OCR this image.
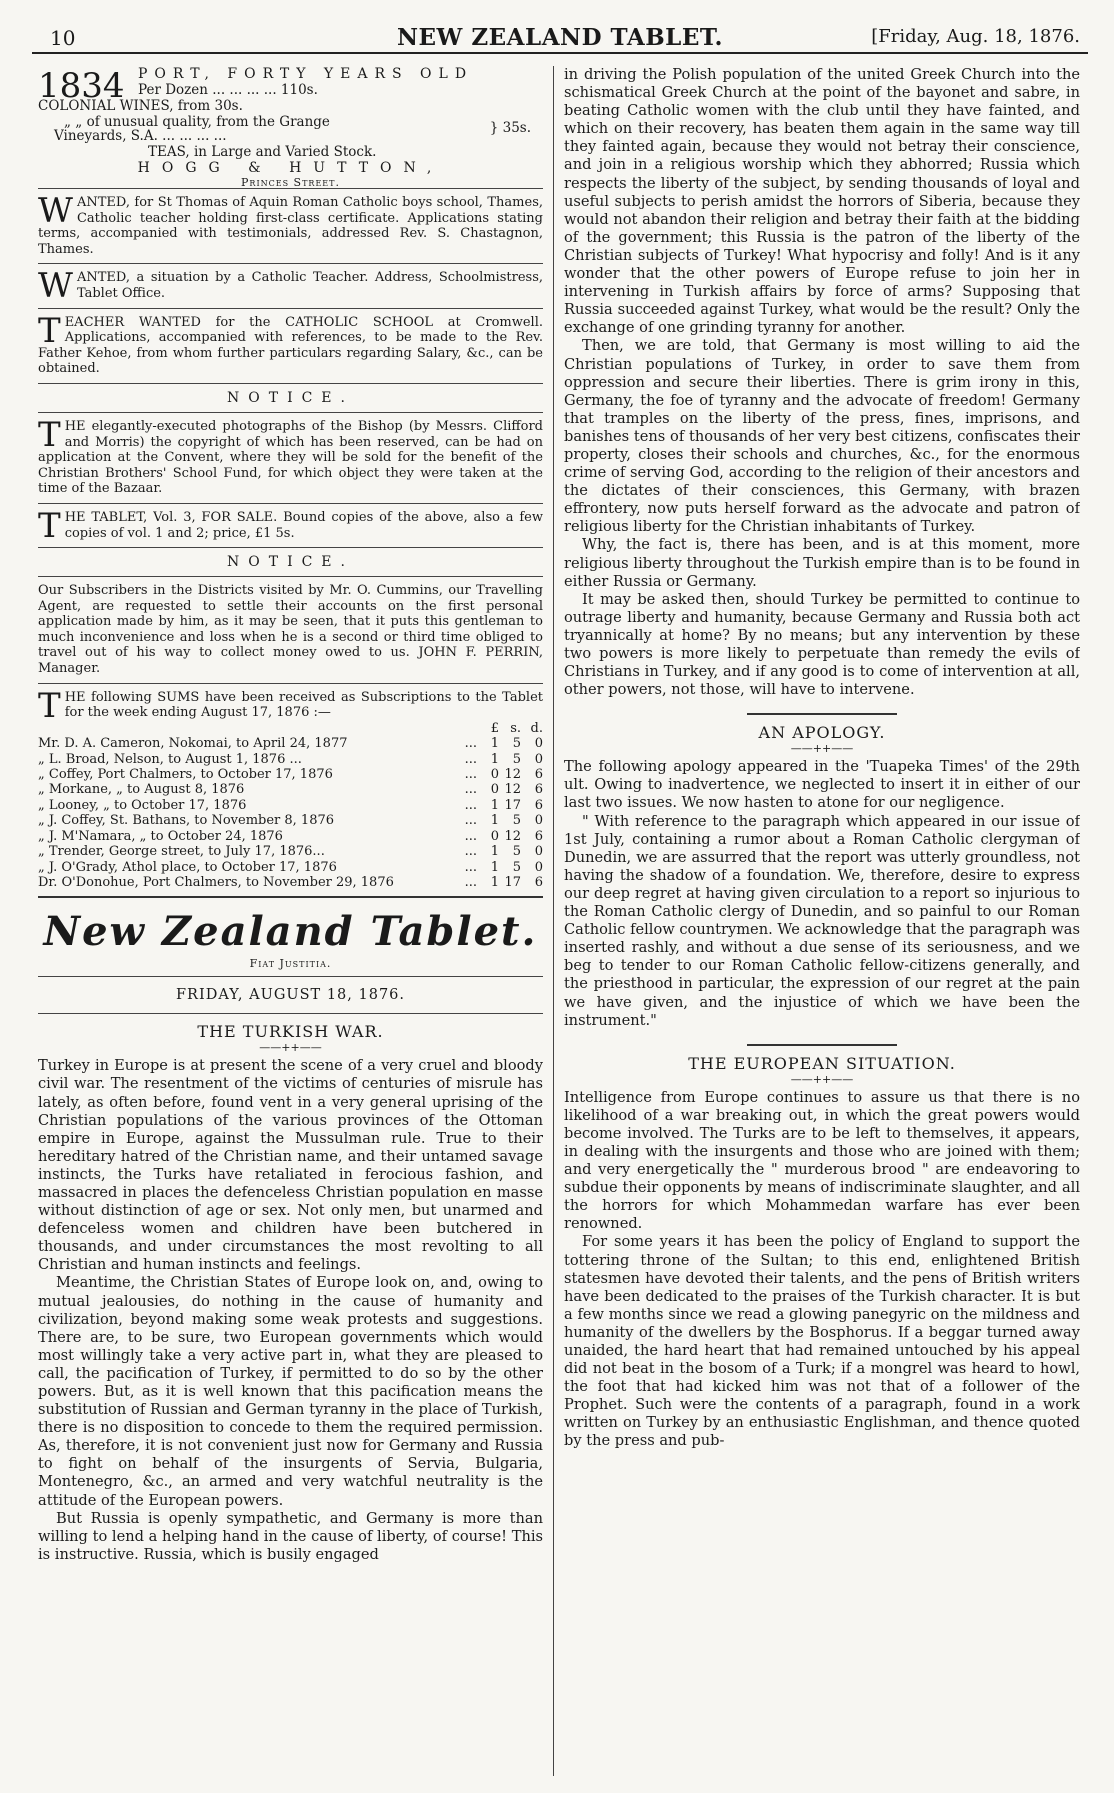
10	NEW ZEALAND TABLET.	[Friday, Aug. 18, 1876.
1834 PORT, FORTY YEARS OLD
Per Dozen ... ... ... ... 110s.
COLONIAL WINES, from 30s.
„ „ of unusual quality, from the Grange
Vineyards, S.A. ... ... ... ...	} 35s.
TEAS, in Large and Varied Stock.
HOGG & HUTTON,
Princes Street.
WANTED, for St Thomas of Aquin Roman Catholic boys school, Thames, Catholic teacher holding first-class certificate. Applications stating terms, accompanied with testimonials, addressed Rev. S. Chastagnon, Thames.
WANTED, a situation by a Catholic Teacher. Address, Schoolmistress, Tablet Office.
TEACHER WANTED for the CATHOLIC SCHOOL at Cromwell. Applications, accompanied with references, to be made to the Rev. Father Kehoe, from whom further particulars regarding Salary, &c., can be obtained.
NOTICE.
THE elegantly-executed photographs of the Bishop (by Messrs. Clifford and Morris) the copyright of which has been reserved, can be had on application at the Convent, where they will be sold for the benefit of the Christian Brothers' School Fund, for which object they were taken at the time of the Bazaar.
THE TABLET, Vol. 3, FOR SALE. Bound copies of the above, also a few copies of vol. 1 and 2; price, £1 5s.
NOTICE.
Our Subscribers in the Districts visited by Mr. O. Cummins, our Travelling Agent, are requested to settle their accounts on the first personal application made by him, as it may be seen, that it puts this gentleman to much inconvenience and loss when he is a second or third time obliged to travel out of his way to collect money owed to us. JOHN F. PERRIN, Manager.
THE following SUMS have been received as Subscriptions to the Tablet for the week ending August 17, 1876 :—
		£	s.	d.
Mr. D. A. Cameron, Nokomai, to April 24, 1877	...	1	5	0
„ L. Broad, Nelson, to August 1, 1876 ...	...	1	5	0
„ Coffey, Port Chalmers, to October 17, 1876	...	0	12	6
„ Morkane, „ to August 8, 1876	...	0	12	6
„ Looney, „ to October 17, 1876	...	1	17	6
„ J. Coffey, St. Bathans, to November 8, 1876	...	1	5	0
„ J. M'Namara, „ to October 24, 1876	...	0	12	6
„ Trender, George street, to July 17, 1876...	...	1	5	0
„ J. O'Grady, Athol place, to October 17, 1876	...	1	5	0
Dr. O'Donohue, Port Chalmers, to November 29, 1876	...	1	17	6
New Zealand Tablet.
Fiat Justitia.
FRIDAY, AUGUST 18, 1876.
THE TURKISH WAR.
——++——

Turkey in Europe is at present the scene of a very cruel and bloody civil war. The resentment of the victims of centuries of misrule has lately, as often before, found vent in a very general uprising of the Christian populations of the various provinces of the Ottoman empire in Europe, against the Mussulman rule. True to their hereditary hatred of the Christian name, and their untamed savage instincts, the Turks have retaliated in ferocious fashion, and massacred in places the defenceless Christian population en masse without distinction of age or sex. Not only men, but unarmed and defenceless women and children have been butchered in thousands, and under circumstances the most revolting to all Christian and human instincts and feelings.

Meantime, the Christian States of Europe look on, and, owing to mutual jealousies, do nothing in the cause of humanity and civilization, beyond making some weak protests and suggestions. There are, to be sure, two European governments which would most willingly take a very active part in, what they are pleased to call, the pacification of Turkey, if permitted to do so by the other powers. But, as it is well known that this pacification means the substitution of Russian and German tyranny in the place of Turkish, there is no disposition to concede to them the required permission. As, therefore, it is not convenient just now for Germany and Russia to fight on behalf of the insurgents of Servia, Bulgaria, Montenegro, &c., an armed and very watchful neutrality is the attitude of the European powers.

But Russia is openly sympathetic, and Germany is more than willing to lend a helping hand in the cause of liberty, of course! This is instructive. Russia, which is busily engaged

in driving the Polish population of the united Greek Church into the schismatical Greek Church at the point of the bayonet and sabre, in beating Catholic women with the club until they have fainted, and which on their recovery, has beaten them again in the same way till they fainted again, because they would not betray their conscience, and join in a religious worship which they abhorred; Russia which respects the liberty of the subject, by sending thousands of loyal and useful subjects to perish amidst the horrors of Siberia, because they would not abandon their religion and betray their faith at the bidding of the government; this Russia is the patron of the liberty of the Christian subjects of Turkey! What hypocrisy and folly! And is it any wonder that the other powers of Europe refuse to join her in intervening in Turkish affairs by force of arms? Supposing that Russia succeeded against Turkey, what would be the result? Only the exchange of one grinding tyranny for another.

Then, we are told, that Germany is most willing to aid the Christian populations of Turkey, in order to save them from oppression and secure their liberties. There is grim irony in this, Germany, the foe of tyranny and the advocate of freedom! Germany that tramples on the liberty of the press, fines, imprisons, and banishes tens of thousands of her very best citizens, confiscates their property, closes their schools and churches, &c., for the enormous crime of serving God, according to the religion of their ancestors and the dictates of their consciences, this Germany, with brazen effrontery, now puts herself forward as the advocate and patron of religious liberty for the Christian inhabitants of Turkey.

Why, the fact is, there has been, and is at this moment, more religious liberty throughout the Turkish empire than is to be found in either Russia or Germany.

It may be asked then, should Turkey be permitted to continue to outrage liberty and humanity, because Germany and Russia both act tryannically at home? By no means; but any intervention by these two powers is more likely to perpetuate than remedy the evils of Christians in Turkey, and if any good is to come of intervention at all, other powers, not those, will have to intervene.

AN APOLOGY.
——++——

The following apology appeared in the 'Tuapeka Times' of the 29th ult. Owing to inadvertence, we neglected to insert it in either of our last two issues. We now hasten to atone for our negligence.

" With reference to the paragraph which appeared in our issue of 1st July, containing a rumor about a Roman Catholic clergyman of Dunedin, we are assurred that the report was utterly groundless, not having the shadow of a foundation. We, therefore, desire to express our deep regret at having given circulation to a report so injurious to the Roman Catholic clergy of Dunedin, and so painful to our Roman Catholic fellow countrymen. We acknowledge that the paragraph was inserted rashly, and without a due sense of its seriousness, and we beg to tender to our Roman Catholic fellow-citizens generally, and the priesthood in particular, the expression of our regret at the pain we have given, and the injustice of which we have been the instrument."

THE EUROPEAN SITUATION.
——++——

Intelligence from Europe continues to assure us that there is no likelihood of a war breaking out, in which the great powers would become involved. The Turks are to be left to themselves, it appears, in dealing with the insurgents and those who are joined with them; and very energetically the " murderous brood " are endeavoring to subdue their opponents by means of indiscriminate slaughter, and all the horrors for which Mohammedan warfare has ever been renowned.

For some years it has been the policy of England to support the tottering throne of the Sultan; to this end, enlightened British statesmen have devoted their talents, and the pens of British writers have been dedicated to the praises of the Turkish character. It is but a few months since we read a glowing panegyric on the mildness and humanity of the dwellers by the Bosphorus. If a beggar turned away unaided, the hard heart that had remained untouched by his appeal did not beat in the bosom of a Turk; if a mongrel was heard to howl, the foot that had kicked him was not that of a follower of the Prophet. Such were the contents of a paragraph, found in a work written on Turkey by an enthusiastic Englishman, and thence quoted by the press and pub-
